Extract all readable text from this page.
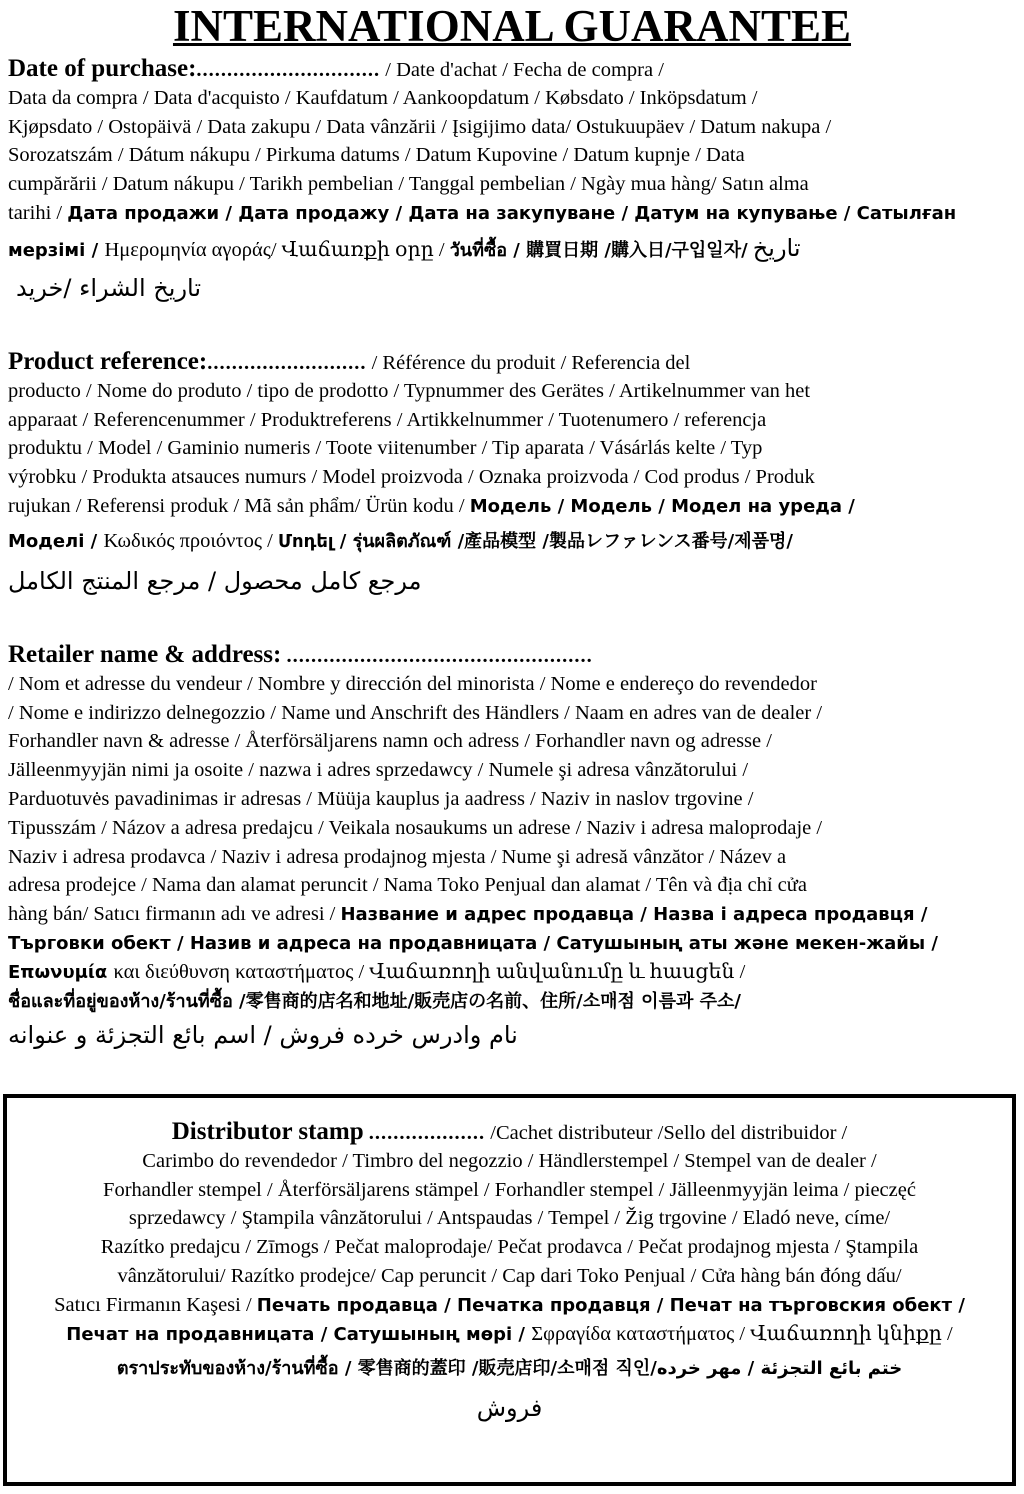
INTERNATIONAL GUARANTEE
Date of purchase:.............................. / Date d'achat / Fecha de compra /
Data da compra / Data d'acquisto / Kaufdatum / Aankoopdatum / Købsdato / Inköpsdatum /
Kjøpsdato / Ostopäivä / Data zakupu / Data vânzării / Įsigijimo data/ Ostukuupäev / Datum nakupa /
Sorozatszám / Dátum nákupu / Pirkuma datums / Datum Kupovine / Datum kupnje / Data
cumpărării / Datum nákupu / Tarikh pembelian / Tanggal pembelian / Ngày mua hàng/ Satın alma
tarihi / Дата продажи / Дата продажу / Дата на закупуване / Датум на купување / Сатылған
мерзімі / Ημερομηνία αγοράς/ Վաճառքի օրը / วันที่ซื้อ / 購買日期 /購入日/구입일자/ تاريخ
تاريخ الشراء /خريد
Product reference:.......................... / Référence du produit / Referencia del
producto / Nome do produto / tipo de prodotto / Typnummer des Gerätes / Artikelnummer van het
apparaat / Referencenummer / Produktreferens / Artikkelnummer / Tuotenumero / referencja
produktu / Model / Gaminio numeris / Toote viitenumber / Tip aparata / Vásárlás kelte / Typ
výrobku / Produkta atsauces numurs / Model proizvoda / Oznaka proizvoda / Cod produs / Produk
rujukan / Referensi produk / Mã sản phẩm/ Ürün kodu / Модель / Модель / Модел на уреда /
Моделі / Κωδικός προιόντος / Մոդել / รุ่นผลิตภัณฑ์ /產品模型 /製品レファレンス番号/제품명/
مرجع كامل محصول / مرجع المنتج الكامل
Retailer name & address: ..................................................
/ Nom et adresse du vendeur / Nombre y dirección del minorista / Nome e endereço do revendedor
/ Nome e indirizzo delnegozzio / Name und Anschrift des Händlers / Naam en adres van de dealer /
Forhandler navn & adresse / Återförsäljarens namn och adress / Forhandler navn og adresse /
Jälleenmyyjän nimi ja osoite / nazwa i adres sprzedawcy / Numele şi adresa vânzătorului /
Parduotuvės pavadinimas ir adresas / Müüja kauplus ja aadress / Naziv in naslov trgovine /
Tipusszám / Názov a adresa predajcu / Veikala nosaukums un adrese / Naziv i adresa maloprodaje /
Naziv i adresa prodavca / Naziv i adresa prodajnog mjesta / Nume şi adresă vânzător / Název a
adresa prodejce / Nama dan alamat peruncit / Nama Toko Penjual dan alamat / Tên và địa chỉ cửa
hàng bán/ Satıcı firmanın adı ve adresi / Название и адрес продавца / Назва і адреса продавця /
Търговки обект / Назив и адреса на продавницата / Сатушының аты және мекен-жайы /
Επωνυμία και διεύθυνση καταστήματος / Վաճառողի անվանումը և հասցեն /
ชื่อและที่อยู่ของห้าง/ร้านที่ซื้อ /零售商的店名和地址/販売店の名前、住所/소매점 이름과 주소/
نام وادرس خرده فروش / اسم بائع التجزئة و عنوانه
Distributor stamp ................... /Cachet distributeur /Sello del distribuidor /
Carimbo do revendedor / Timbro del negozzio / Händlerstempel / Stempel van de dealer /
Forhandler stempel / Återförsäljarens stämpel / Forhandler stempel / Jälleenmyyjän leima / pieczęć
sprzedawcy / Ştampila vânzătorului / Antspaudas / Tempel / Žig trgovine / Eladó neve, címe/
Razítko predajcu / Zīmogs / Pečat maloprodaje/ Pečat prodavca / Pečat prodajnog mjesta / Ştampila
vânzătorului/ Razítko prodejce/ Cap peruncit / Cap dari Toko Penjual / Cửa hàng bán đóng dấu/
Satıcı Firmanın Kaşesi / Печать продавца / Печатка продавця / Печат на търговския обект /
Печат на продавницата / Сатушының мөрі / Σφραγίδα καταστήματος / Վաճառողի կնիքը /
ตราประทับของห้าง/ร้านที่ซื้อ / 零售商的蓋印 /販売店印/소매점 직인/ختم بائع التجزئة / مهر خرده
فروش
